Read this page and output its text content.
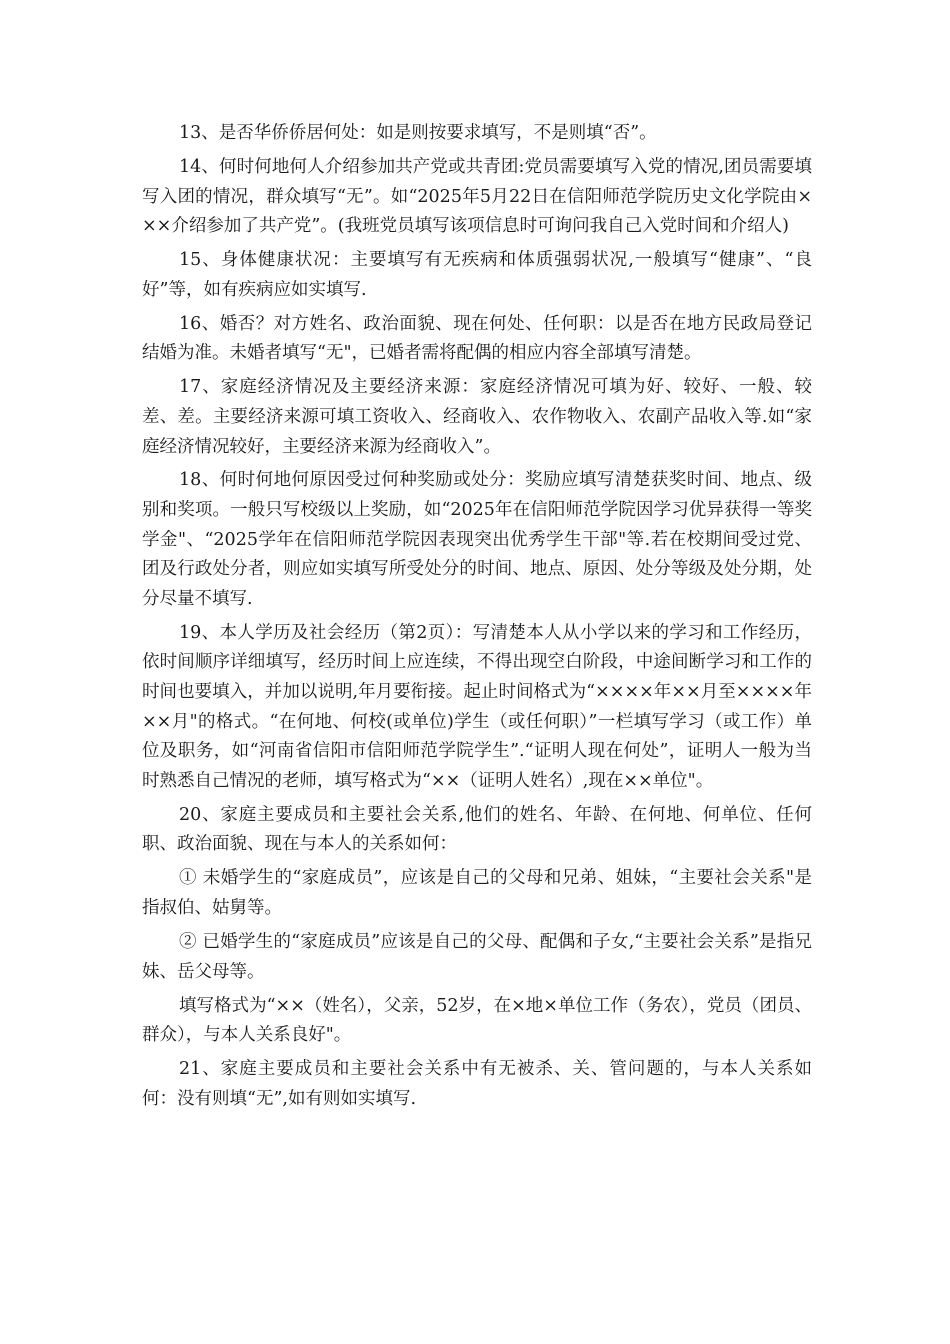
13、是否华侨侨居何处：如是则按要求填写，不是则填“否”。

14、何时何地何人介绍参加共产党或共青团:党员需要填写入党的情况,团员需要填写入团的情况，群众填写“无”。如“2025年5月22日在信阳师范学院历史文化学院由×××介绍参加了共产党”。(我班党员填写该项信息时可询问我自己入党时间和介绍人)

15、身体健康状况：主要填写有无疾病和体质强弱状况,一般填写“健康”、“良好”等，如有疾病应如实填写.

16、婚否？对方姓名、政治面貌、现在何处、任何职：以是否在地方民政局登记结婚为准。未婚者填写“无"，已婚者需将配偶的相应内容全部填写清楚。

17、家庭经济情况及主要经济来源：家庭经济情况可填为好、较好、一般、较差、差。主要经济来源可填工资收入、经商收入、农作物收入、农副产品收入等.如“家庭经济情况较好，主要经济来源为经商收入”。

18、何时何地何原因受过何种奖励或处分：奖励应填写清楚获奖时间、地点、级别和奖项。一般只写校级以上奖励，如“2025年在信阳师范学院因学习优异获得一等奖学金"、“2025学年在信阳师范学院因表现突出优秀学生干部"等.若在校期间受过党、团及行政处分者，则应如实填写所受处分的时间、地点、原因、处分等级及处分期，处分尽量不填写.

19、本人学历及社会经历（第2页）：写清楚本人从小学以来的学习和工作经历，依时间顺序详细填写，经历时间上应连续，不得出现空白阶段，中途间断学习和工作的时间也要填入，并加以说明,年月要衔接。起止时间格式为“××××年××月至××××年××月"的格式。“在何地、何校(或单位)学生（或任何职）”一栏填写学习（或工作）单位及职务，如“河南省信阳市信阳师范学院学生”.“证明人现在何处”，证明人一般为当时熟悉自己情况的老师，填写格式为“××（证明人姓名）,现在××单位"。

20、家庭主要成员和主要社会关系,他们的姓名、年龄、在何地、何单位、任何职、政治面貌、现在与本人的关系如何：

① 未婚学生的“家庭成员”，应该是自己的父母和兄弟、姐妹，“主要社会关系"是指叔伯、姑舅等。

② 已婚学生的“家庭成员”应该是自己的父母、配偶和子女,“主要社会关系”是指兄妹、岳父母等。

填写格式为“××（姓名），父亲，52岁，在×地×单位工作（务农），党员（团员、群众），与本人关系良好"。

21、家庭主要成员和主要社会关系中有无被杀、关、管问题的，与本人关系如何：没有则填“无”,如有则如实填写.
